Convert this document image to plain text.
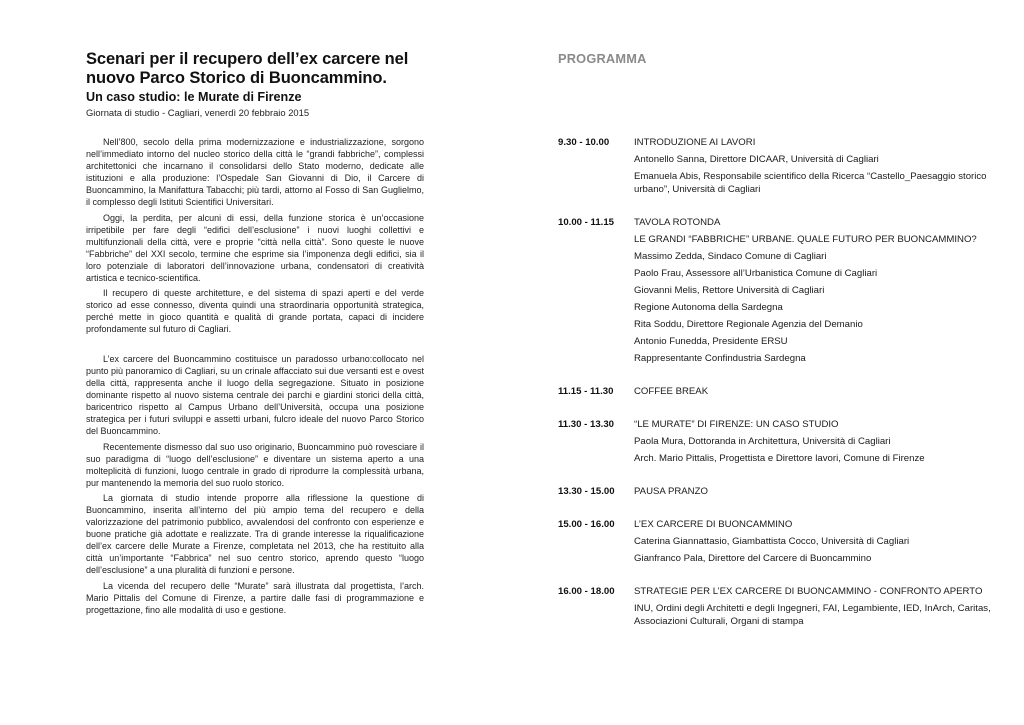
Scenari per il recupero dell’ex carcere nel
nuovo Parco Storico di Buoncammino.
Un caso studio: le Murate di Firenze
Giornata di studio - Cagliari, venerdì 20 febbraio 2015

Nell’800, secolo della prima modernizzazione e industrializzazione, sorgono nell’immediato intorno del nucleo storico della città le “grandi fabbriche”, complessi architettonici che incarnano il consolidarsi dello Stato moderno, dedicate alle istituzioni e alla produzione: l’Ospedale San Giovanni di Dio, il Carcere di Buoncammino, la Manifattura Tabacchi; più tardi, attorno al Fosso di San Guglielmo, il complesso degli Istituti Scientifici Universitari.

Oggi, la perdita, per alcuni di essi, della funzione storica è un’occasione irripetibile per fare degli “edifici dell’esclusione” i nuovi luoghi collettivi e multifunzionali della città, vere e proprie “città nella città”. Sono queste le nuove “Fabbriche” del XXI secolo, termine che esprime sia l’imponenza degli edifici, sia il loro potenziale di laboratori dell’innovazione urbana, condensatori di creatività artistica e tecnico-scientifica.

Il recupero di queste architetture, e del sistema di spazi aperti e del verde storico ad esse connesso, diventa quindi una straordinaria opportunità strategica, perché mette in gioco quantità e qualità di grande portata, capaci di incidere profondamente sul futuro di Cagliari.

L’ex carcere del Buoncammino costituisce un paradosso urbano:collocato nel punto più panoramico di Cagliari, su un crinale affacciato sui due versanti est e ovest della città, rappresenta anche il luogo della segregazione. Situato in posizione dominante rispetto al nuovo sistema centrale dei parchi e giardini storici della città, baricentrico rispetto al Campus Urbano dell’Università, occupa una posizione strategica per i futuri sviluppi e assetti urbani, fulcro ideale del nuovo Parco Storico del Buoncammino.

Recentemente dismesso dal suo uso originario, Buoncammino può rovesciare il suo paradigma di “luogo dell’esclusione” e diventare un sistema aperto a una molteplicità di funzioni, luogo centrale in grado di riprodurre la complessità urbana, pur mantenendo la memoria del suo ruolo storico.

La giornata di studio intende proporre alla riflessione la questione di Buoncammino, inserita all’interno del più ampio tema del recupero e della valorizzazione del patrimonio pubblico, avvalendosi del confronto con esperienze e buone pratiche già adottate e realizzate. Tra di grande interesse la riqualificazione dell’ex carcere delle Murate a Firenze, completata nel 2013, che ha restituito alla città un’importante “Fabbrica” nel suo centro storico, aprendo questo “luogo dell’esclusione” a una pluralità di funzioni e persone.

La vicenda del recupero delle “Murate” sarà illustrata dal progettista, l’arch. Mario Pittalis del Comune di Firenze, a partire dalle fasi di programmazione e progettazione, fino alle modalità di uso e gestione.

PROGRAMMA
9.30 - 10.00	INTRODUZIONE AI LAVORI
Antonello Sanna, Direttore DICAAR, Università di Cagliari
Emanuela Abis, Responsabile scientifico della Ricerca “Castello_Paesaggio storico urbano”, Università di Cagliari
10.00 - 11.15	TAVOLA ROTONDA
LE GRANDI “FABBRICHE” URBANE. QUALE FUTURO PER BUONCAMMINO?
Massimo Zedda, Sindaco Comune di Cagliari
Paolo Frau, Assessore all’Urbanistica Comune di Cagliari
Giovanni Melis, Rettore Università di Cagliari
Regione Autonoma della Sardegna
Rita Soddu, Direttore Regionale Agenzia del Demanio
Antonio Funedda, Presidente ERSU
Rappresentante Confindustria Sardegna
11.15 - 11.30	COFFEE BREAK
11.30 - 13.30	“LE MURATE” DI FIRENZE: UN CASO STUDIO
Paola Mura, Dottoranda in Architettura, Università di Cagliari
Arch. Mario Pittalis, Progettista e Direttore lavori, Comune di Firenze
13.30 - 15.00	PAUSA PRANZO
15.00 - 16.00	L’EX CARCERE DI BUONCAMMINO
Caterina Giannattasio, Giambattista Cocco, Università di Cagliari
Gianfranco Pala, Direttore del Carcere di Buoncammino
16.00 - 18.00	STRATEGIE PER L’EX CARCERE DI BUONCAMMINO - CONFRONTO APERTO
INU, Ordini degli Architetti e degli Ingegneri, FAI, Legambiente, IED, InArch, Caritas, Associazioni Culturali, Organi di stampa
